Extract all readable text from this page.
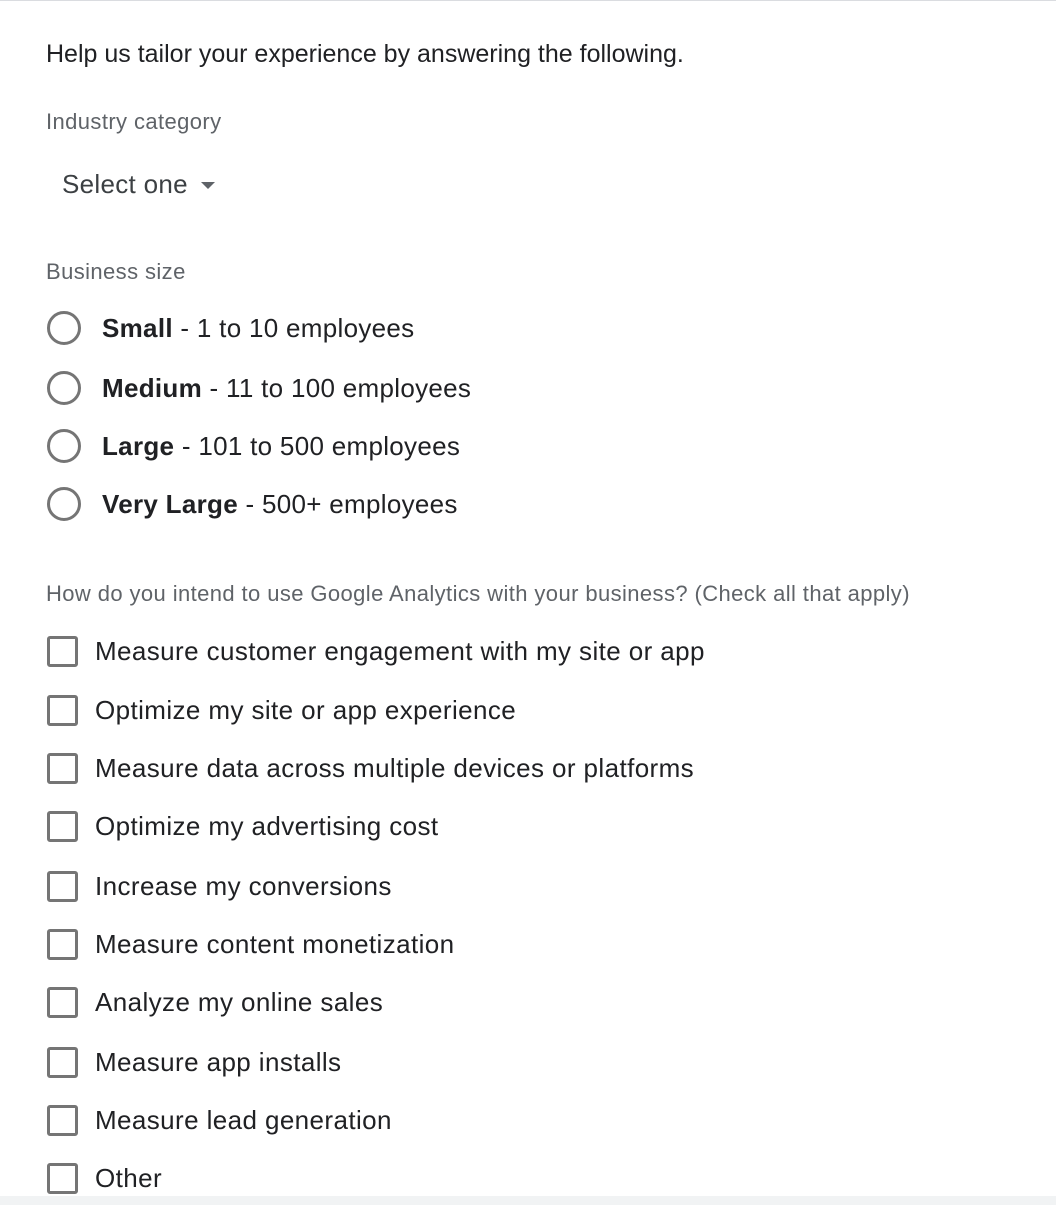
Help us tailor your experience by answering the following.
Industry category
Select one
Business size
Small - 1 to 10 employees
Medium - 11 to 100 employees
Large - 101 to 500 employees
Very Large - 500+ employees
How do you intend to use Google Analytics with your business? (Check all that apply)
Measure customer engagement with my site or app
Optimize my site or app experience
Measure data across multiple devices or platforms
Optimize my advertising cost
Increase my conversions
Measure content monetization
Analyze my online sales
Measure app installs
Measure lead generation
Other
